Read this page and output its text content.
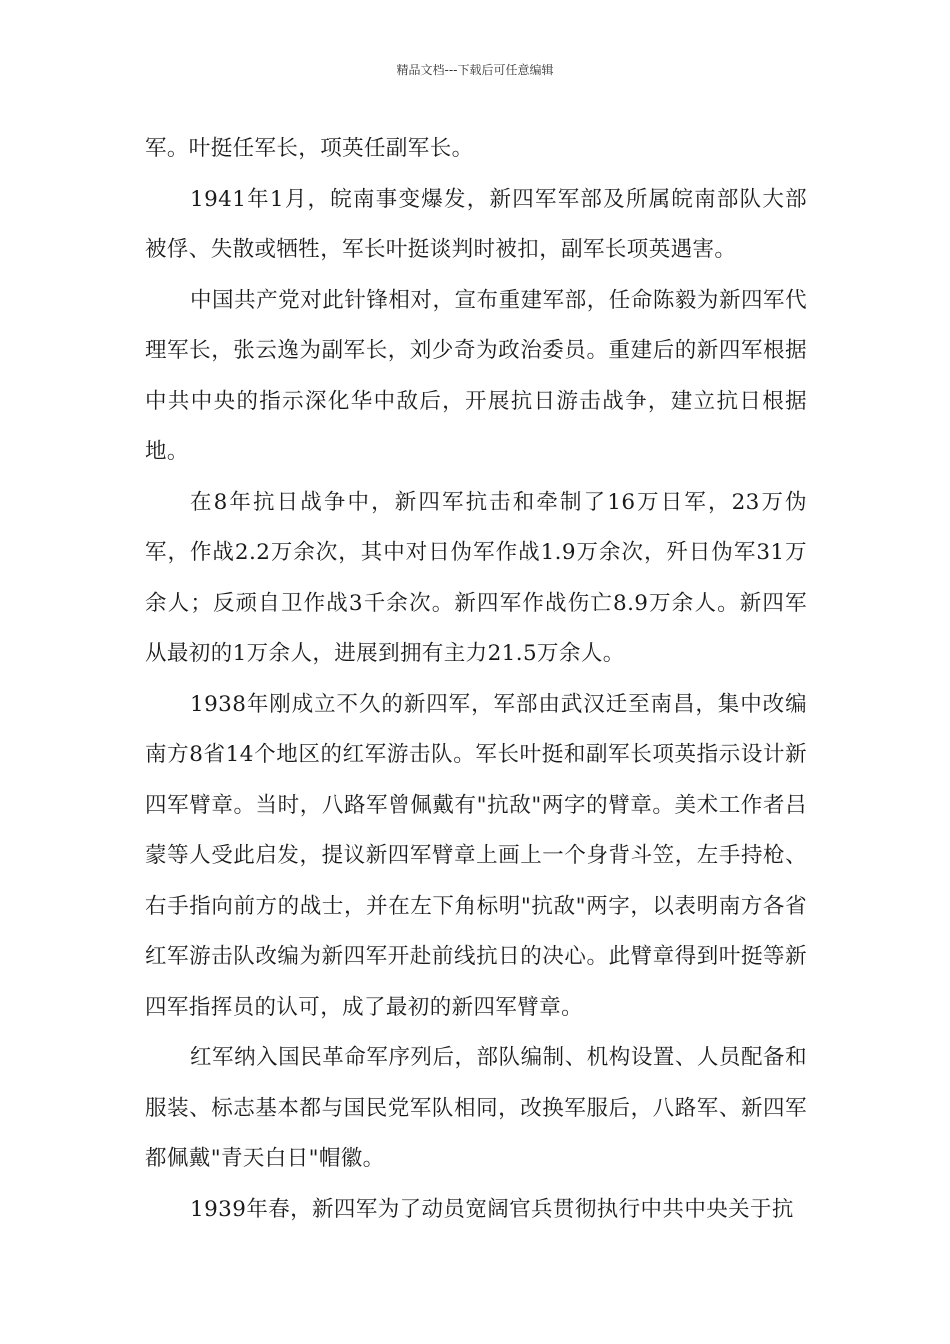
精品文档---下载后可任意编辑

军。叶挺任军长，项英任副军长。

1941年1月，皖南事变爆发，新四军军部及所属皖南部队大部被俘、失散或牺牲，军长叶挺谈判时被扣，副军长项英遇害。

中国共产党对此针锋相对，宣布重建军部，任命陈毅为新四军代理军长，张云逸为副军长，刘少奇为政治委员。重建后的新四军根据中共中央的指示深化华中敌后，开展抗日游击战争，建立抗日根据地。

在8年抗日战争中，新四军抗击和牵制了16万日军，23万伪军，作战2.2万余次，其中对日伪军作战1.9万余次，歼日伪军31万余人；反顽自卫作战3千余次。新四军作战伤亡8.9万余人。新四军从最初的1万余人，进展到拥有主力21.5万余人。

1938年刚成立不久的新四军，军部由武汉迁至南昌，集中改编南方8省14个地区的红军游击队。军长叶挺和副军长项英指示设计新四军臂章。当时，八路军曾佩戴有"抗敌"两字的臂章。美术工作者吕蒙等人受此启发，提议新四军臂章上画上一个身背斗笠，左手持枪、右手指向前方的战士，并在左下角标明"抗敌"两字，以表明南方各省红军游击队改编为新四军开赴前线抗日的决心。此臂章得到叶挺等新四军指挥员的认可，成了最初的新四军臂章。

红军纳入国民革命军序列后，部队编制、机构设置、人员配备和服装、标志基本都与国民党军队相同，改换军服后，八路军、新四军都佩戴"青天白日"帽徽。

1939年春，新四军为了动员宽阔官兵贯彻执行中共中央关于抗
